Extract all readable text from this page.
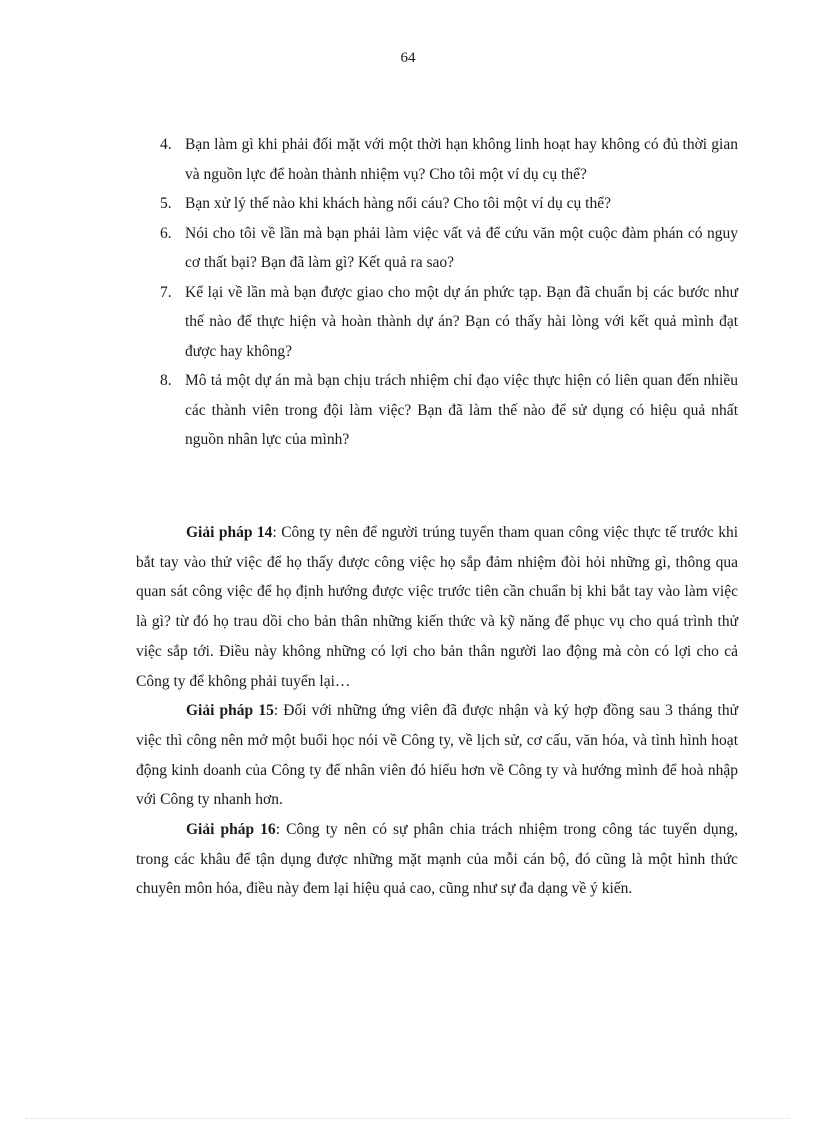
64
4. Bạn làm gì khi phải đối mặt với một thời hạn không linh hoạt hay không có đủ thời gian và nguồn lực để hoàn thành nhiệm vụ? Cho tôi một ví dụ cụ thể?
5. Bạn xử lý thế nào khi khách hàng nổi cáu? Cho tôi một ví dụ cụ thể?
6. Nói cho tôi về lần mà bạn phải làm việc vất vả để cứu văn một cuộc đàm phán có nguy cơ thất bại? Bạn đã làm gì? Kết quả ra sao?
7. Kể lại về lần mà bạn được giao cho một dự án phức tạp. Bạn đã chuẩn bị các bước như thế nào để thực hiện và hoàn thành dự án? Bạn có thấy hài lòng với kết quả mình đạt được hay không?
8. Mô tả một dự án mà bạn chịu trách nhiệm chỉ đạo việc thực hiện có liên quan đến nhiều các thành viên trong đội làm việc? Bạn đã làm thế nào để sử dụng có hiệu quả nhất nguồn nhân lực của mình?

Giải pháp 14: Công ty nên để người trúng tuyển tham quan công việc thực tế trước khi bắt tay vào thử việc để họ thấy được công việc họ sắp đảm nhiệm đòi hỏi những gì, thông qua quan sát công việc để họ định hướng được việc trước tiên cần chuẩn bị khi bắt tay vào làm việc là gì? từ đó họ trau dồi cho bản thân những kiến thức và kỹ năng để phục vụ cho quá trình thử việc sắp tới. Điều này không những có lợi cho bản thân người lao động mà còn có lợi cho cả Công ty để không phải tuyển lại…

Giải pháp 15: Đối với những ứng viên đã được nhận và ký hợp đồng sau 3 tháng thử việc thì công nên mở một buổi học nói về Công ty, về lịch sử, cơ cấu, văn hóa, và tình hình hoạt động kinh doanh của Công ty để nhân viên đó hiểu hơn về Công ty và hướng mình để hoà nhập với Công ty nhanh hơn.

Giải pháp 16: Công ty nên có sự phân chia trách nhiệm trong công tác tuyển dụng, trong các khâu để tận dụng được những mặt mạnh của mỗi cán bộ, đó cũng là một hình thức chuyên môn hóa, điều này đem lại hiệu quả cao, cũng như sự đa dạng về ý kiến.
